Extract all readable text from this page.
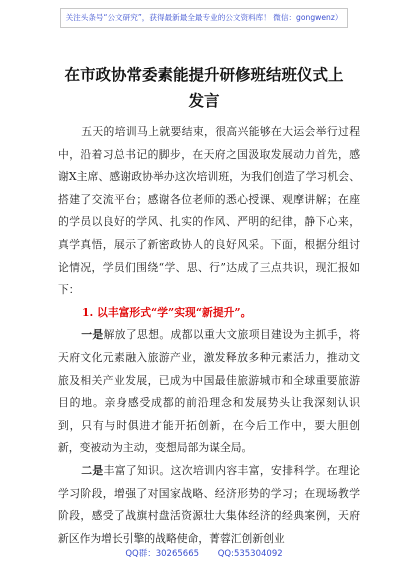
关注头条号“公文研究”，获得最新最全最专业的公文资料库！ 微信：gongwenz）
在市政协常委素能提升研修班结班仪式上
发言

五天的培训马上就要结束，很高兴能够在大运会举行过程中，沿着习总书记的脚步，在天府之国汲取发展动力首先，感谢X主席、感谢政协举办这次培训班，为我们创造了学习机会、搭建了交流平台；感谢各位老师的悉心授课、观摩讲解；在座的学员以良好的学风、扎实的作风、严明的纪律，静下心来，真学真悟，展示了新密政协人的良好风采。下面，根据分组讨论情况，学员们围绕“学、思、行”达成了三点共识，现汇报如下：

1. 以丰富形式“学”实现“新提升”。

一是解放了思想。成都以重大文旅项目建设为主抓手，将天府文化元素融入旅游产业，激发释放多种元素活力，推动文旅及相关产业发展，已成为中国最佳旅游城市和全球重要旅游目的地。亲身感受成都的前沿理念和发展势头让我深刻认识到，只有与时俱进才能开拓创新，在今后工作中，要大胆创新，变被动为主动，变想局部为谋全局。

二是丰富了知识。这次培训内容丰富，安排科学。在理论学习阶段，增强了对国家战略、经济形势的学习；在现场教学阶段，感受了战旗村盘活资源壮大集体经济的经典案例，天府新区作为增长引擎的战略使命，菁蓉汇创新创业

QQ群：30265665 QQ:535304092
